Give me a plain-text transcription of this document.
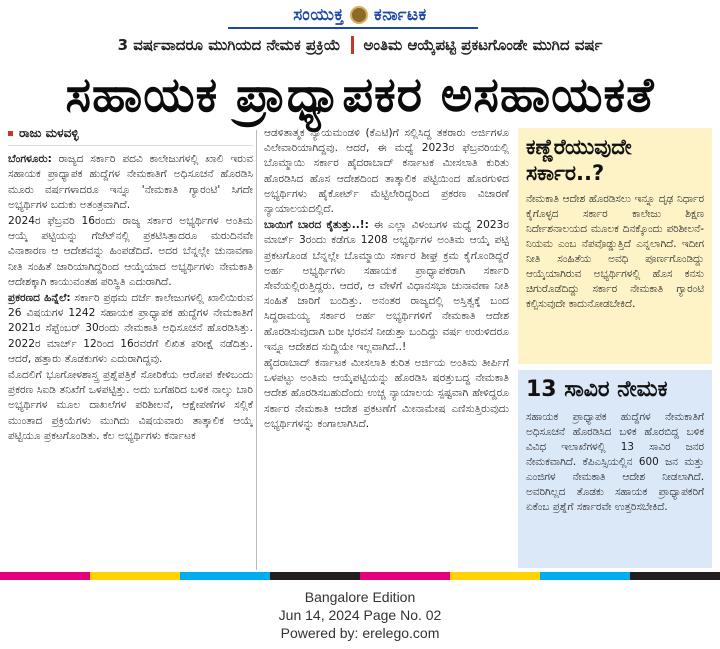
ಸಂಯುಕ್ತ ಕರ್ನಾಟಕ
3 ವರ್ಷವಾದರೂ ಮುಗಿಯದ ನೇಮಕ ಪ್ರಕ್ರಿಯೆ ಅಂತಿಮ ಆಯ್ಕೆಪಟ್ಟಿ ಪ್ರಕಟಗೊಂಡೇ ಮುಗಿದ ವರ್ಷ
ಸಹಾಯಕ ಪ್ರಾಧ್ಯಾಪಕರ ಅಸಹಾಯಕತೆ
ರಾಜು ಮಳವಳ್ಳಿ

ಬೆಂಗಳೂರು: ರಾಜ್ಯದ ಸರ್ಕಾರಿ ಪದವಿ ಕಾಲೇಜುಗಳಲ್ಲಿ ಖಾಲಿ ಇರುವ ಸಹಾಯಕ ಪ್ರಾಧ್ಯಾಪಕ ಹುದ್ದೆಗಳ ನೇಮಕಾತಿಗೆ ಅಧಿಸೂಚನೆ ಹೊರಡಿಸಿ ಮೂರು ವರ್ಷಗಳಾದರೂ ಇನ್ನೂ 'ನೇಮಕಾತಿ ಗ್ಯಾರಂಟಿ' ಸಿಗದೇ ಅಭ್ಯರ್ಥಿಗಳ ಬದುಕು ಅತಂತ್ರವಾಗಿದೆ.

2024ರ ಫೆಬ್ರವರಿ 16ರಂದು ರಾಜ್ಯ ಸರ್ಕಾರ ಅಭ್ಯರ್ಥಿಗಳ ಅಂತಿಮ ಆಯ್ಕೆ ಪಟ್ಟಿಯನ್ನು ಗೆಜೆಟ್‌ನಲ್ಲಿ ಪ್ರಕಟಿಸಿತ್ತಾದರೂ ಮರುದಿನವೇ ವಿನಾಕಾರಣ ಆ ಆದೇಶವನ್ನು ಹಿಂಪಡೆದಿದೆ. ಅದರ ಬೆನ್ನಲ್ಲೇ ಚುನಾವಣಾ ನೀತಿ ಸಂಹಿತೆ ಜಾರಿಯಾಗಿದ್ದರಿಂದ ಆಯ್ಕೆಯಾದ ಅಭ್ಯರ್ಥಿಗಳು ನೇಮಕಾತಿ ಆದೇಶಕ್ಕಾಗಿ ಕಾಯುವಂತಹ ಪರಿಸ್ಥಿತಿ ಎದುರಾಗಿದೆ.

ಪ್ರಕರಣದ ಹಿನ್ನೆಲೆ: ಸರ್ಕಾರಿ ಪ್ರಥಮ ದರ್ಜೆ ಕಾಲೇಜುಗಳಲ್ಲಿ ಖಾಲಿಯಿರುವ 26 ವಿಷಯಗಳ 1242 ಸಹಾಯಕ ಪ್ರಾಧ್ಯಾಪಕ ಹುದ್ದೆಗಳ ನೇಮಕಾತಿಗೆ 2021ರ ಸೆಪ್ಟೆಂಬರ್ 30ರಂದು ನೇಮಕಾತಿ ಅಧಿಸೂಚನೆ ಹೊರಡಿಸಿತ್ತು. 2022ರ ಮಾರ್ಚ್ 12ರಿಂದ 16ರವರೆಗೆ ಲಿಖಿತ ಪರೀಕ್ಷೆ ನಡೆದಿತ್ತು. ಆದರೆ, ಹತ್ತಾರು ತೊಡಕುಗಳು ಎದುರಾಗಿದ್ದವು.

ಮೊದಲಿಗೆ ಭೂಗೋಳಶಾಸ್ತ್ರ ಪ್ರಶ್ನೆಪತ್ರಿಕೆ ಸೋರಿಕೆಯ ಆರೋಪ ಕೇಳಿಬಂದು ಪ್ರಕರಣ ಸಿಐಡಿ ತನಿಖೆಗೆ ಒಳಪಟ್ಟಿತ್ತು. ಅದು ಬಗೆಹರಿದ ಬಳಿಕ ನಾಲ್ಕು ಬಾರಿ ಅಭ್ಯರ್ಥಿಗಳ ಮೂಲ ದಾಖಲೆಗಳ ಪರಿಶೀಲನೆ, ಆಕ್ಷೇಪಣೆಗಳ ಸಲ್ಲಿಕೆ ಮುಂತಾದ ಪ್ರಕ್ರಿಯೆಗಳು ಮುಗಿದು ವಿಷಯವಾರು ತಾತ್ಕಾಲಿಕ ಆಯ್ಕೆ ಪಟ್ಟಿಯೂ ಪ್ರಕಟಗೊಂಡಿತು. ಕೆಲ ಅಭ್ಯರ್ಥಿಗಳು ಕರ್ನಾಟಕ

ಆಡಳಿತಾತ್ಮಕ ನ್ಯಾಯಮಂಡಳಿ (ಕೆಎಟಿ)ಗೆ ಸಲ್ಲಿಸಿದ್ದ ತಕರಾರು ಅರ್ಜಿಗಳೂ ವಿಲೇವಾರಿಯಾಗಿದ್ದವು. ಆದರೆ, ಈ ಮಧ್ಯೆ 2023ರ ಫೆಬ್ರವರಿಯಲ್ಲಿ ಬೊಮ್ಮಾಯಿ ಸರ್ಕಾರ ಹೈದರಾಬಾದ್ ಕರ್ನಾಟಕ ಮೀಸಲಾತಿ ಕುರಿತು ಹೊರಡಿಸಿದ ಹೊಸ ಆದೇಶದಿಂದ ತಾತ್ಕಾಲಿಕ ಪಟ್ಟಿಯಿಂದ ಹೊರಗುಳಿದ ಅಭ್ಯರ್ಥಿಗಳು ಹೈಕೋರ್ಟ್ ಮೆಟ್ಟಿಲೇರಿದ್ದರಿಂದ ಪ್ರಕರಣ ವಿಚಾರಣೆ ನ್ಯಾಯಾಲಯದಲ್ಲಿದೆ.

ಬಾಯಿಗೆ ಬಾರದ ಕೈತುತ್ತು..!: ಈ ಎಲ್ಲಾ ವಿಳಂಬಗಳ ಮಧ್ಯೆ 2023ರ ಮಾರ್ಚ್ 3ರಂದು ಕಡೆಗೂ 1208 ಅಭ್ಯರ್ಥಿಗಳ ಅಂತಿಮ ಆಯ್ಕೆ ಪಟ್ಟಿ ಪ್ರಕಟಗೊಂಡ ಬೆನ್ನಲ್ಲೇ ಬೊಮ್ಮಾಯಿ ಸರ್ಕಾರ ಶೀಘ್ರ ಕ್ರಮ ಕೈಗೊಂಡಿದ್ದರೆ ಅರ್ಹ ಅಭ್ಯರ್ಥಿಗಳು ಸಹಾಯಕ ಪ್ರಾಧ್ಯಾಪಕರಾಗಿ ಸರ್ಕಾರಿ ಸೇವೆಯಲ್ಲಿರುತ್ತಿದ್ದರು. ಆದರೆ, ಆ ವೇಳೆಗೆ ವಿಧಾನಸಭಾ ಚುನಾವಣಾ ನೀತಿ ಸಂಹಿತೆ ಜಾರಿಗೆ ಬಂದಿತ್ತು. ಅನಂತರ ರಾಜ್ಯದಲ್ಲಿ ಅಸ್ತಿತ್ವಕ್ಕೆ ಬಂದ ಸಿದ್ದರಾಮಯ್ಯ ಸರ್ಕಾರ ಅರ್ಹ ಅಭ್ಯರ್ಥಿಗಳಿಗೆ ನೇಮಕಾತಿ ಆದೇಶ ಹೊರಡಿಸುವುದಾಗಿ ಬರೀ ಭರವಸೆ ನೀಡುತ್ತಾ ಬಂದಿದ್ದು ವರ್ಷ ಉರುಳಿದರೂ ಇನ್ನೂ ಆದೇಶದ ಸುದ್ದಿಯೇ ಇಲ್ಲವಾಗಿದೆ..!

ಹೈದರಾಬಾದ್ ಕರ್ನಾಟಕ ಮೀಸಲಾತಿ ಕುರಿತ ಅರ್ಜಿಯ ಅಂತಿಮ ತೀರ್ಪಿಗೆ ಒಳಪಟ್ಟು ಅಂತಿಮ ಆಯ್ಕೆಪಟ್ಟಿಯನ್ನು ಹೊರಡಿಸಿ ಷರತ್ತುಬದ್ಧ ನೇಮಕಾತಿ ಆದೇಶ ಹೊರಡಿಸಬಹುದೆಂದು ಉಚ್ಚ ನ್ಯಾಯಾಲಯ ಸ್ಪಷ್ಟವಾಗಿ ಹೇಳಿದ್ದರೂ ಸರ್ಕಾರ ನೇಮಕಾತಿ ಆದೇಶ ಪ್ರಕಟಣೆಗೆ ಮೀನಾಮೇಷ ಎಣಿಸುತ್ತಿರುವುದು ಅಭ್ಯರ್ಥಿಗಳನ್ನು ಕಂಗಾಲಾಗಿಸಿದೆ.

ಕಣ್ಣೆರೆಯುವುದೇ ಸರ್ಕಾರ..?
ನೇಮಕಾತಿ ಆದೇಶ ಹೊರಡಿಸಲು ಇನ್ನೂ ದೃಢ ನಿರ್ಧಾರ ಕೈಗೊಳ್ಳದ ಸರ್ಕಾರ ಕಾಲೇಜು ಶಿಕ್ಷಣ ನಿರ್ದೇಶನಾಲಯದ ಮೂಲಕ ದಿನಕ್ಕೊಂದು ಪರಿಶೀಲನೆ-ನಿಯಮ ಎಂಬ ನೆಪವೊಡ್ಡುತ್ತಿದೆ ಎನ್ನಲಾಗಿದೆ. ಇದೀಗ ನೀತಿ ಸಂಹಿತೆಯ ಅವಧಿ ಪೂರ್ಣಗೊಂಡಿದ್ದು ಆಯ್ಕೆಯಾಗಿರುವ ಅಭ್ಯರ್ಥಿಗಳಲ್ಲಿ ಹೊಸ ಕನಸು ಚಿಗುರೊಡೆದಿದ್ದು ಸರ್ಕಾರ ನೇಮಕಾತಿ ಗ್ಯಾರಂಟಿ ಕಲ್ಪಿಸುವುದೇ ಕಾದುನೋಡಬೇಕಿದೆ.
13 ಸಾವಿರ ನೇಮಕ
ಸಹಾಯಕ ಪ್ರಾಧ್ಯಾಪಕ ಹುದ್ದೆಗಳ ನೇಮಕಾತಿಗೆ ಅಧಿಸೂಚನೆ ಹೊರಡಿಸಿದ ಬಳಿಕ ಹೊರಬಿದ್ದ ಬಳಿಕ ವಿವಿಧ ಇಲಾಖೆಗಳಲ್ಲಿ 13 ಸಾವಿರ ಜನರ ನೇಮಕವಾಗಿದೆ. ಕೆಪಿಎಸ್ಸಿಯಲ್ಲಿನ 600 ಜನ ಮತ್ತು ಎಂಜಿಗಳ ನೇಮಕಾತಿ ಆದೇಶ ನೀಡಲಾಗಿದೆ. ಅವರಿಗಿಲ್ಲದ ತೊಡಕು ಸಹಾಯಕ ಪ್ರಾಧ್ಯಾಪಕರಿಗೆ ಏಕೆಂಬ ಪ್ರಶ್ನೆಗೆ ಸರ್ಕಾರವೇ ಉತ್ತರಿಸಬೇಕಿದೆ.
Bangalore Edition
Jun 14, 2024 Page No. 02
Powered by: erelego.com
